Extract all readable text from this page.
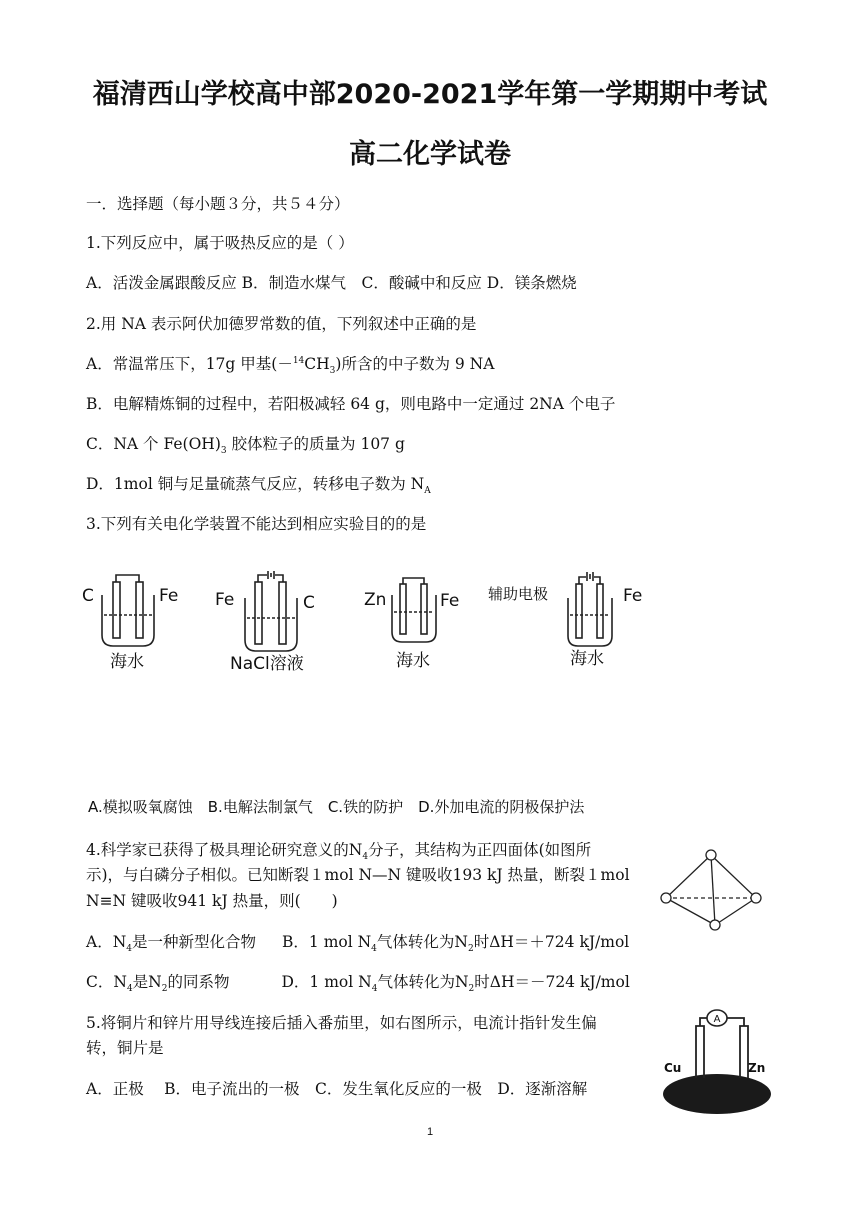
福清西山学校高中部2020-2021学年第一学期期中考试
高二化学试卷
一．选择题（每小题３分，共５４分）
1.下列反应中，属于吸热反应的是（ ）
A．活泼金属跟酸反应 B．制造水煤气　C．酸碱中和反应 D．镁条燃烧
2.用 NA 表示阿伏加德罗常数的值，下列叙述中正确的是
A．常温常压下，17g 甲基$(-^{14}CH_3)$所含的中子数为 9 NA
B．电解精炼铜的过程中，若阳极减轻 64 g，则电路中一定通过 2NA 个电子
C．NA 个 $Fe(OH)_3$ 胶体粒子的质量为 107 g
D．1mol 铜与足量硫蒸气反应，转移电子数为 $N_A$
3.下列有关电化学装置不能达到相应实验目的的是
C	Fe
海水
Fe	C
NaCl溶液
Zn	Fe
海水
辅助电极	Fe
海水
A.模拟吸氧腐蚀　B.电解法制氯气　C.铁的防护　D.外加电流的阴极保护法
4.科学家已获得了极具理论研究意义的$N_4$分子，其结构为正四面体(如图所
示)，与白磷分子相似。已知断裂１mol N—N 键吸收193 kJ 热量，断裂１mol
N≡N 键吸收941 kJ 热量，则(　　)
A．$N_4$是一种新型化合物 B．1 mol $N_4$气体转化为$N_2$时ΔH＝＋724 kJ/mol
C．$N_4$是$N_2$的同系物	D．1 mol $N_4$气体转化为$N_2$时ΔH＝－724 kJ/mol
5.将铜片和锌片用导线连接后插入番茄里，如右图所示，电流计指针发生偏
转，铜片是
A．正极　 B．电子流出的一极　C．发生氧化反应的一极　D．逐渐溶解
A
Cu	Zn
1
